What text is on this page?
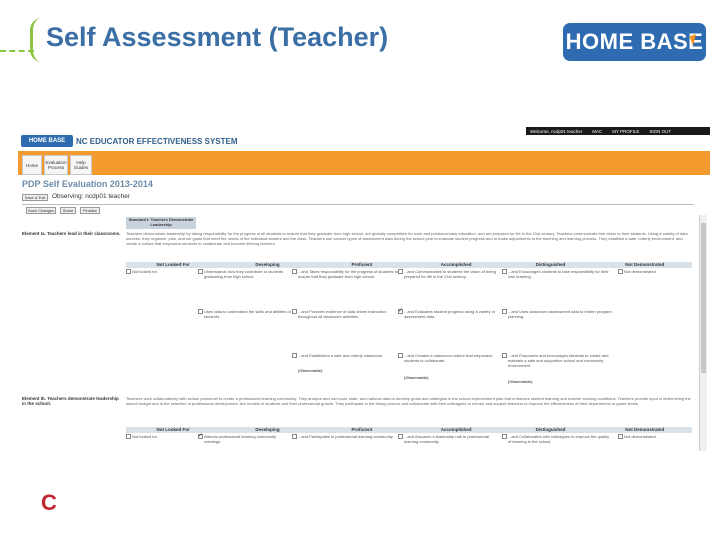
Self Assessment (Teacher)	HOME BASE
HOME BASE	NC EDUCATOR EFFECTIVENESS SYSTEM
Welcome, ncdp01 teacher MAC MY PROFILE SIGN OUT
Home	Evaluation Process
Help Guides
PDP Self Evaluation 2013-2014
Save & Exit	Observing: ncdp01 teacher
Save Changes	Share	Finalize
Standard I: Teachers Demonstrate Leadership
Element Ia. Teachers lead in their classrooms.	Teachers demonstrate leadership by taking responsibility for the progress of all students to ensure that they graduate from high school, are globally competitive for work and postsecondary education, and are prepared for life in the 21st century. Teachers communicate this vision to their students. Using a variety of data sources, they organize, plan, and set goals that meet the needs of the individual student and the class. Teachers use various types of assessment data during the school year to evaluate student progress and to make adjustments to the teaching and learning process. They establish a safe, orderly environment, and create a culture that empowers students to collaborate and become lifelong learners.
Not Looked For	Developing	Proficient	Accomplished	Distinguished	Not Demonstrated
Not looked for.	Understands how they contribute to students graduating from high school.
...and Takes responsibility for the progress of students to ensure that they graduate from high school.
...and Communicates to students the vision of being prepared for life in the 21st century.
...and Encourages students to take responsibility for their own learning.
Not demonstrated.
Uses data to understand the skills and abilities of students.
...and Provides evidence of data driven instruction throughout all classroom activities.
✓
...and Evaluates student progress using a variety of assessment data.
...and Uses classroom assessment data to inform program planning.
...and Establishes a safe and orderly classroom.	...and Creates a classroom culture that empowers students to collaborate.
...and Empowers and encourages students to create and maintain a safe and supportive school and community environment.
(Observable)
(Observable)
(Observable)
Element Ib. Teachers demonstrate leadership in the school.
Teachers work collaboratively with school personnel to create a professional learning community. They analyze and use local, state, and national data to develop goals and strategies in the school improvement plan that enhances student learning and teacher working conditions. Teachers provide input in determining the school budget and in the selection of professional development. Are models of students and their professional growth. They participate in the hiring process and collaborate with their colleagues to mentor and support teachers to improve the effectiveness of their departments or grade levels.
Not Looked For	Developing	Proficient	Accomplished	Distinguished	Not Demonstrated
Not looked for.
✓	Attends professional learning community meetings.
...and Participates in professional learning community.	...and Assumes a leadership role in professional learning community.
...and Collaborates with colleagues to improve the quality of learning in the school.
Not demonstrated.
C
